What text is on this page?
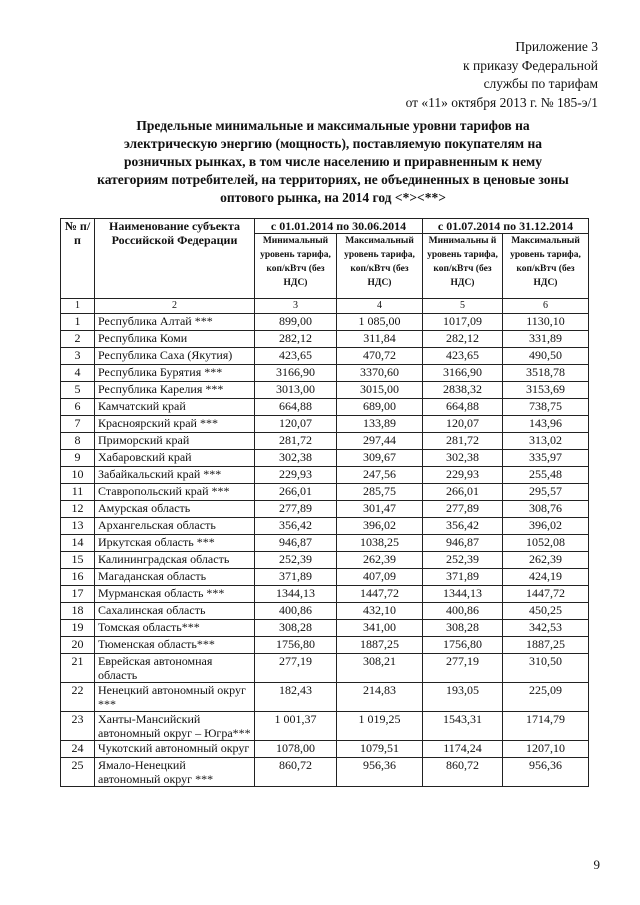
Приложение 3
к приказу Федеральной
службы по тарифам
от «11» октября 2013 г. № 185-э/1
Предельные минимальные и максимальные уровни тарифов на
электрическую энергию (мощность), поставляемую покупателям на
розничных рынках, в том числе населению и приравненным к нему
категориям потребителей, на территориях, не объединенных в ценовые зоны
оптового рынка, на 2014 год <*><**>
№ п/п	Наименование субъекта Российской Федерации	с 01.01.2014 по 30.06.2014		с 01.07.2014 по 31.12.2014	
		Минимальный уровень тарифа, коп/кВтч (без НДС)	Максимальный уровень тарифа, коп/кВтч (без НДС)	Минимальны й уровень тарифа, коп/кВтч (без НДС)	Максимальный уровень тарифа, коп/кВтч (без НДС)
1	2	3	4	5	6
1	Республика Алтай ***	899,00	1 085,00	1017,09	1130,10
2	Республика Коми	282,12	311,84	282,12	331,89
3	Республика Саха (Якутия)	423,65	470,72	423,65	490,50
4	Республика Бурятия ***	3166,90	3370,60	3166,90	3518,78
5	Республика Карелия ***	3013,00	3015,00	2838,32	3153,69
6	Камчатский край	664,88	689,00	664,88	738,75
7	Красноярский край ***	120,07	133,89	120,07	143,96
8	Приморский край	281,72	297,44	281,72	313,02
9	Хабаровский край	302,38	309,67	302,38	335,97
10	Забайкальский край ***	229,93	247,56	229,93	255,48
11	Ставропольский край ***	266,01	285,75	266,01	295,57
12	Амурская область	277,89	301,47	277,89	308,76
13	Архангельская область	356,42	396,02	356,42	396,02
14	Иркутская область ***	946,87	1038,25	946,87	1052,08
15	Калининградская область	252,39	262,39	252,39	262,39
16	Магаданская область	371,89	407,09	371,89	424,19
17	Мурманская область ***	1344,13	1447,72	1344,13	1447,72
18	Сахалинская область	400,86	432,10	400,86	450,25
19	Томская область***	308,28	341,00	308,28	342,53
20	Тюменская область***	1756,80	1887,25	1756,80	1887,25
21	Еврейская автономная область	277,19	308,21	277,19	310,50
22	Ненецкий автономный округ ***	182,43	214,83	193,05	225,09
23	Ханты-Мансийский автономный округ – Югра***	1 001,37	1 019,25	1543,31	1714,79
24	Чукотский автономный округ	1078,00	1079,51	1174,24	1207,10
25	Ямало-Ненецкий автономный округ ***	860,72	956,36	860,72	956,36
9
